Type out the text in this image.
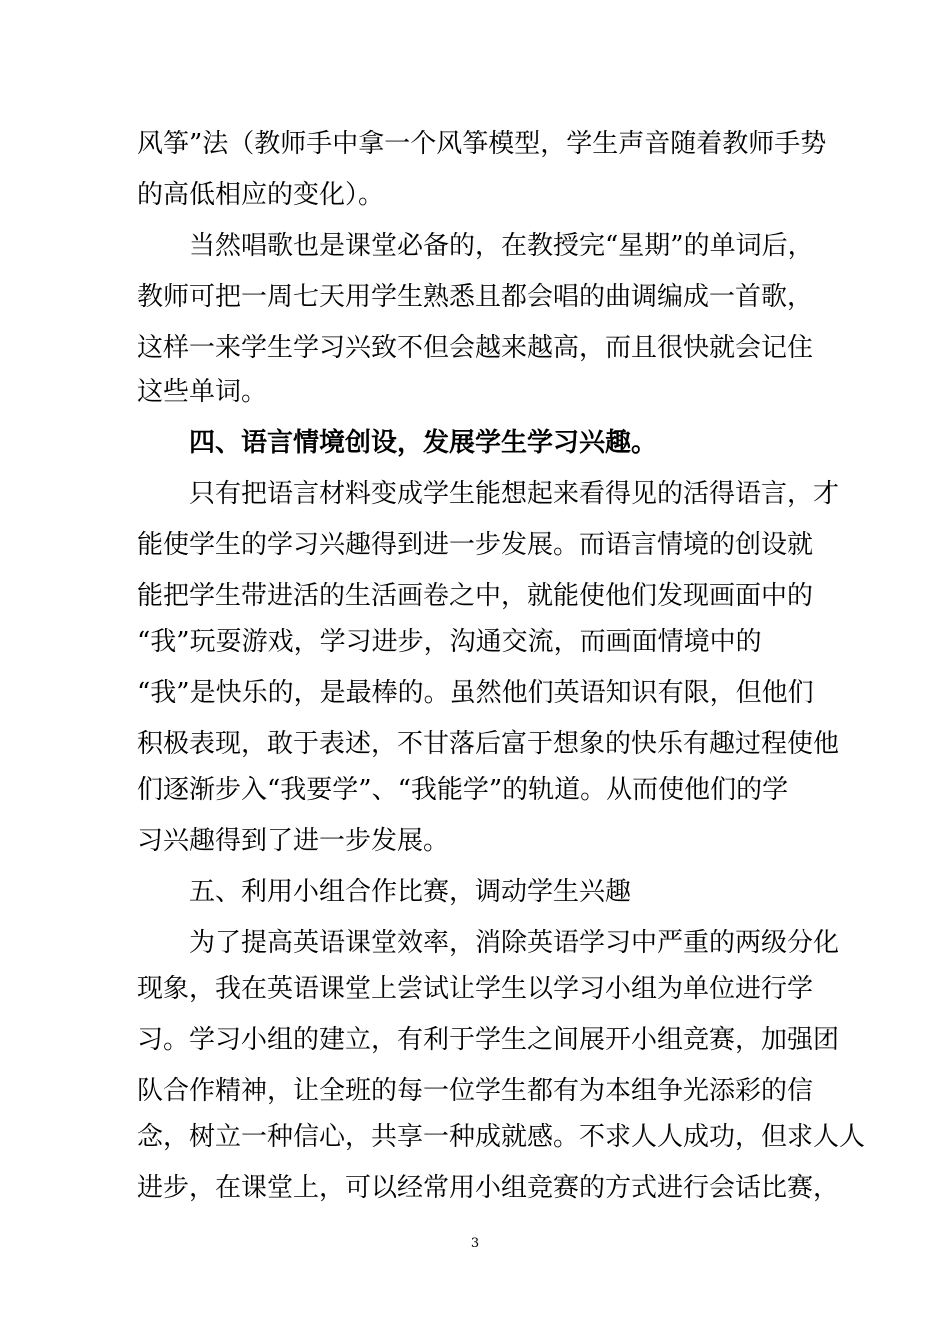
风筝”法（教师手中拿一个风筝模型，学生声音随着教师手势
的高低相应的变化）。
当然唱歌也是课堂必备的，在教授完“星期”的单词后，
教师可把一周七天用学生熟悉且都会唱的曲调编成一首歌，
这样一来学生学习兴致不但会越来越高，而且很快就会记住
这些单词。
四、语言情境创设，发展学生学习兴趣。
只有把语言材料变成学生能想起来看得见的活得语言，才
能使学生的学习兴趣得到进一步发展。而语言情境的创设就
能把学生带进活的生活画卷之中，就能使他们发现画面中的
“我”玩耍游戏，学习进步，沟通交流，而画面情境中的
“我”是快乐的，是最棒的。虽然他们英语知识有限，但他们
积极表现，敢于表述，不甘落后富于想象的快乐有趣过程使他
们逐渐步入“我要学”、“我能学”的轨道。从而使他们的学
习兴趣得到了进一步发展。
五、利用小组合作比赛，调动学生兴趣
为了提高英语课堂效率，消除英语学习中严重的两级分化
现象，我在英语课堂上尝试让学生以学习小组为单位进行学
习。学习小组的建立，有利于学生之间展开小组竞赛，加强团
队合作精神，让全班的每一位学生都有为本组争光添彩的信
念，树立一种信心，共享一种成就感。不求人人成功，但求人人
进步，在课堂上，可以经常用小组竞赛的方式进行会话比赛，
3
